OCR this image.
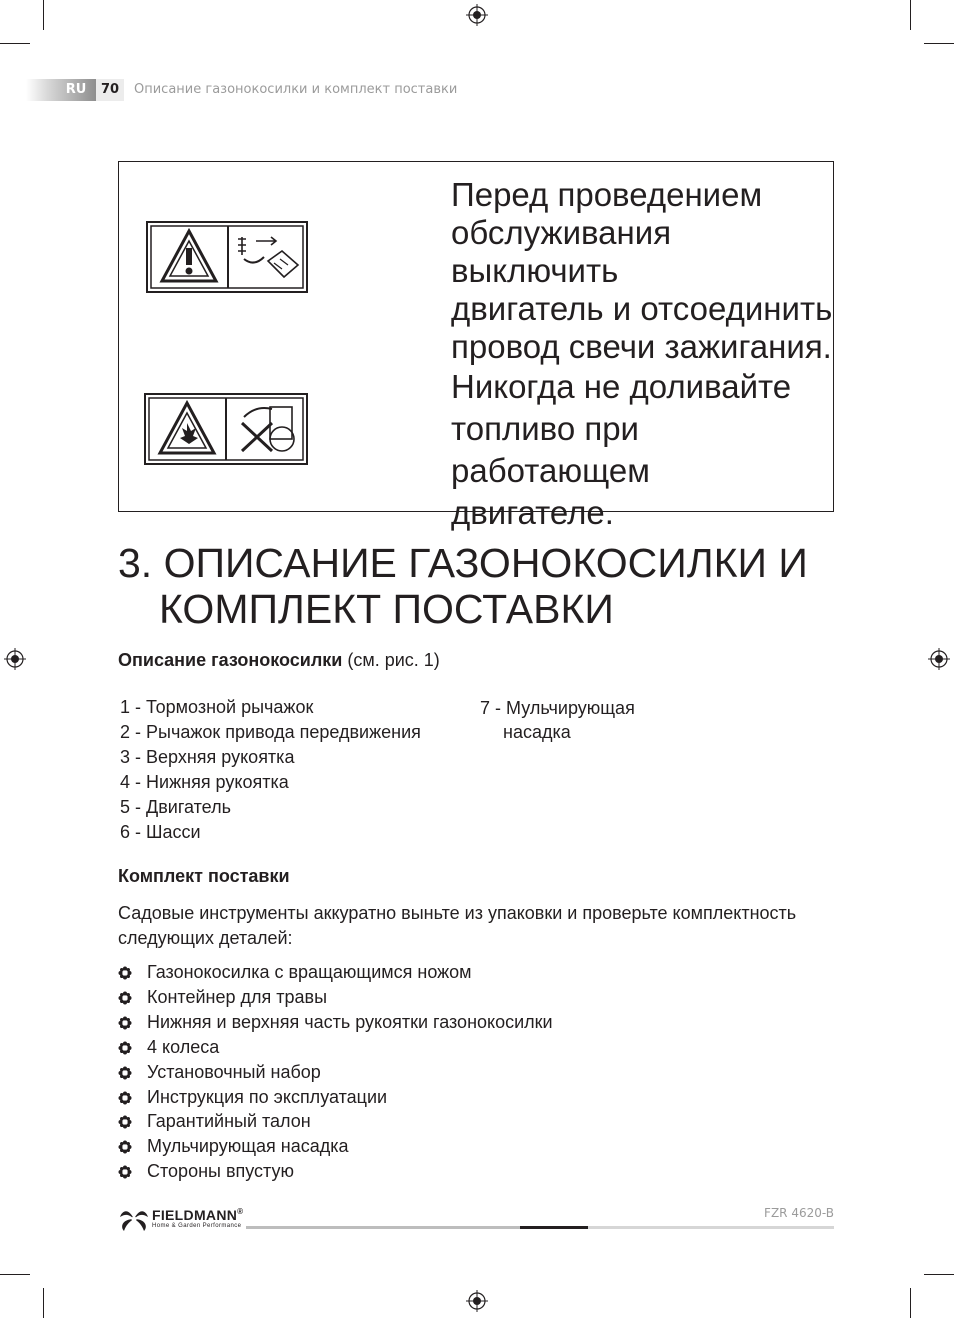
RU	70	Описание газонокосилки и комплект поставки
Перед проведением
обслуживания выключить
двигатель и отсоединить
провод свечи зажигания.
Никогда не доливайте
топливо при работающем
двигателе.
3. ОПИСАНИЕ ГАЗОНОКОСИЛКИ И
КОМПЛЕКТ ПОСТАВКИ
Описание газонокосилки (см. рис. 1)
1 - Тормозной рычажок
2 - Рычажок привода передвижения
3 - Верхняя рукоятка
4 - Нижняя рукоятка
5 - Двигатель
6 - Шасси
7 - Мульчирующая
насадка
Комплект поставки
Садовые инструменты аккуратно выньте из упаковки и проверьте комплектность
следующих деталей:
Газонокосилка с вращающимся ножом
Контейнер для травы
Нижняя и верхняя часть рукоятки газонокосилки
4 колеса
Установочный набор
Инструкция по эксплуатации
Гарантийный талон
Мульчирующая насадка
Стороны впустую
FIELDMANN®
Home & Garden Performance
FZR 4620-B
